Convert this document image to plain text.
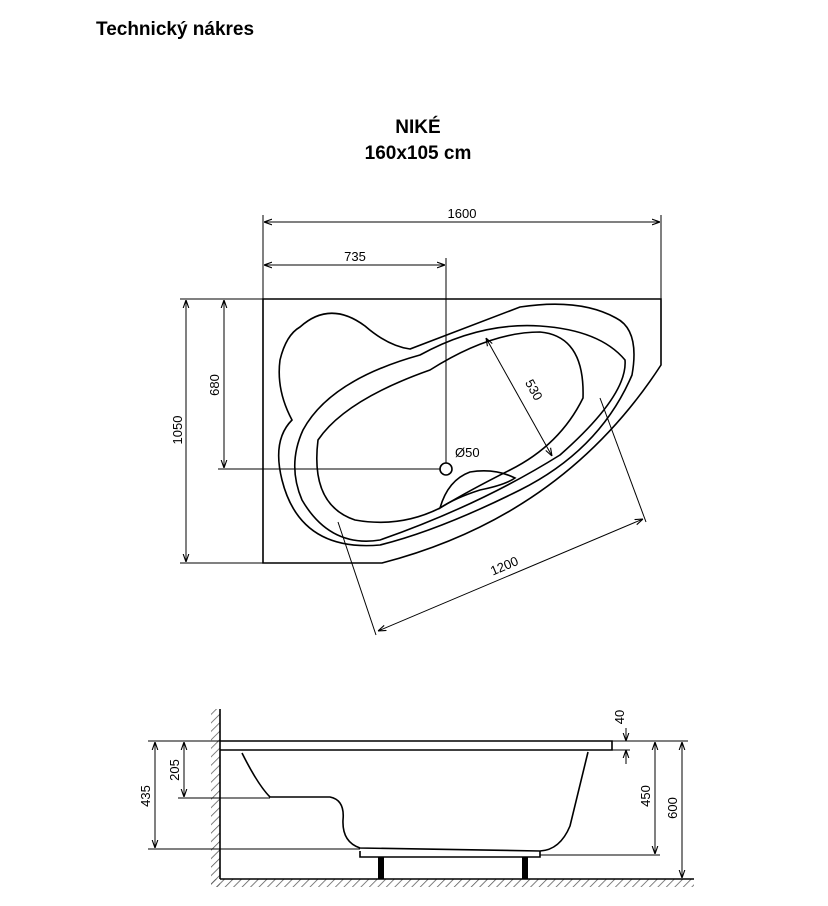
Technický nákres
NIKÉ
160x105 cm
1600
735
1050
680
1200
530
Ø50
40
205
435	450
600
